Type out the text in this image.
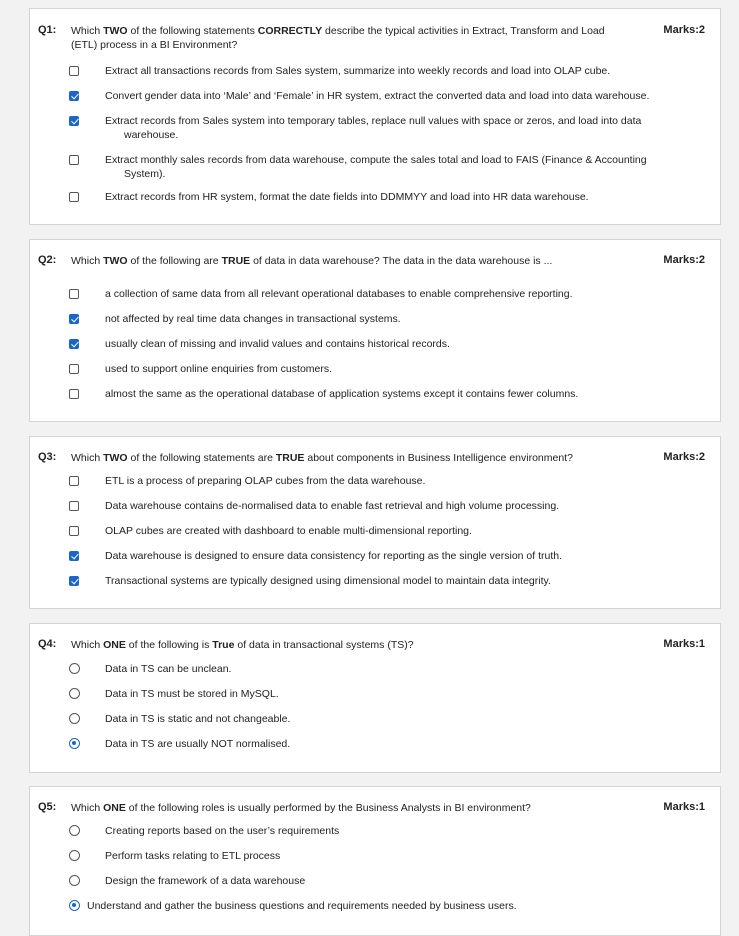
Q1: Which TWO of the following statements CORRECTLY describe the typical activities in Extract, Transform and Load (ETL) process in a BI Environment?
Marks:2
Extract all transactions records from Sales system, summarize into weekly records and load into OLAP cube.
Convert gender data into ‘Male’ and ‘Female’ in HR system, extract the converted data and load into data warehouse.
Extract records from Sales system into temporary tables, replace null values with space or zeros, and load into data
warehouse.
Extract monthly sales records from data warehouse, compute the sales total and load to FAIS (Finance & Accounting
System).
Extract records from HR system, format the date fields into DDMMYY and load into HR data warehouse.
Q2: Which TWO of the following are TRUE of data in data warehouse? The data in the data warehouse is ...	Marks:2
a collection of same data from all relevant operational databases to enable comprehensive reporting.
not affected by real time data changes in transactional systems.
usually clean of missing and invalid values and contains historical records.
used to support online enquiries from customers.
almost the same as the operational database of application systems except it contains fewer columns.
Q3: Which TWO of the following statements are TRUE about components in Business Intelligence environment?	Marks:2
ETL is a process of preparing OLAP cubes from the data warehouse.
Data warehouse contains de-normalised data to enable fast retrieval and high volume processing.
OLAP cubes are created with dashboard to enable multi-dimensional reporting.
Data warehouse is designed to ensure data consistency for reporting as the single version of truth.
Transactional systems are typically designed using dimensional model to maintain data integrity.
Q4: Which ONE of the following is True of data in transactional systems (TS)?	Marks:1
Data in TS can be unclean.
Data in TS must be stored in MySQL.
Data in TS is static and not changeable.
Data in TS are usually NOT normalised.
Q5: Which ONE of the following roles is usually performed by the Business Analysts in BI environment?	Marks:1
Creating reports based on the user’s requirements
Perform tasks relating to ETL process
Design the framework of a data warehouse
Understand and gather the business questions and requirements needed by business users.
